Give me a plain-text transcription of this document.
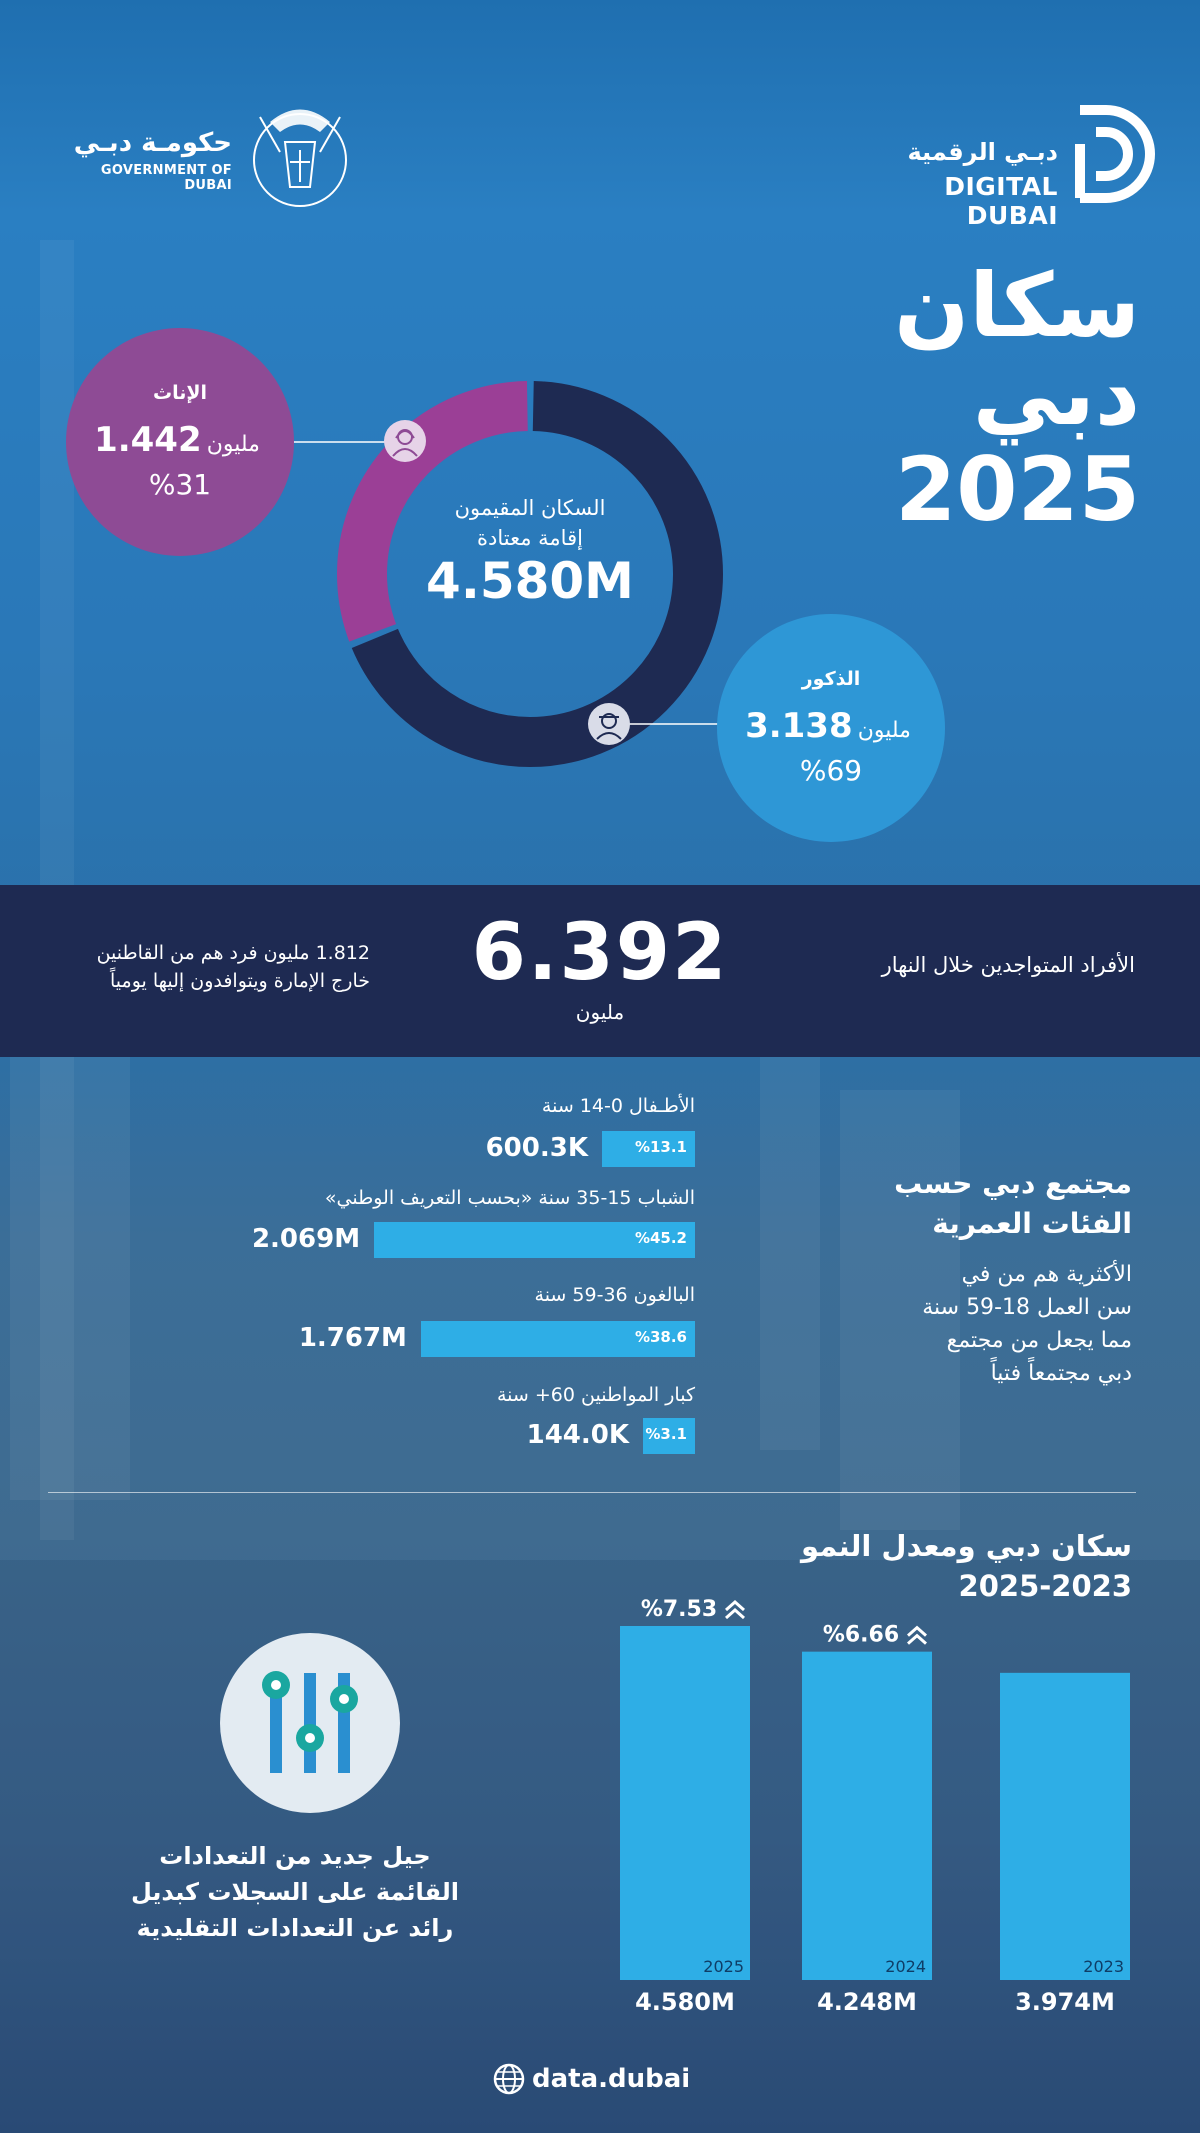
حكومـة دبـي
GOVERNMENT OF DUBAI
دبـي الرقمية
DIGITAL DUBAI
سكان
دبي
2025
السكان المقيمون
إقامة معتادة
4.580M
الإناث
مليون 1.442
%31
الذكور
مليون 3.138
%69
الأفراد المتواجدين خلال النهار
6.392
مليون
1.812 مليون فرد هم من القاطنين
خارج الإمارة ويتوافدون إليها يومياً
الأطـفال 0-14 سنة
%13.1
600.3K
الشباب 15-35 سنة «بحسب التعريف الوطني»
%45.2
2.069M
البالغون 36-59 سنة
%38.6
1.767M
كبار المواطنين 60+ سنة
%3.1
144.0K
مجتمع دبي حسب
الفئات العمرية
الأكثرية هم من في
سن العمل 18-59 سنة
مما يجعل من مجتمع
دبي مجتمعاً فتياً
سكان دبي ومعدل النمو
2025-2023
2025
4.580M
%7.53
2024
4.248M
%6.66
2023
3.974M
جيل جديد من التعدادات
القائمة على السجلات كبديل
رائد عن التعدادات التقليدية
data.dubai
